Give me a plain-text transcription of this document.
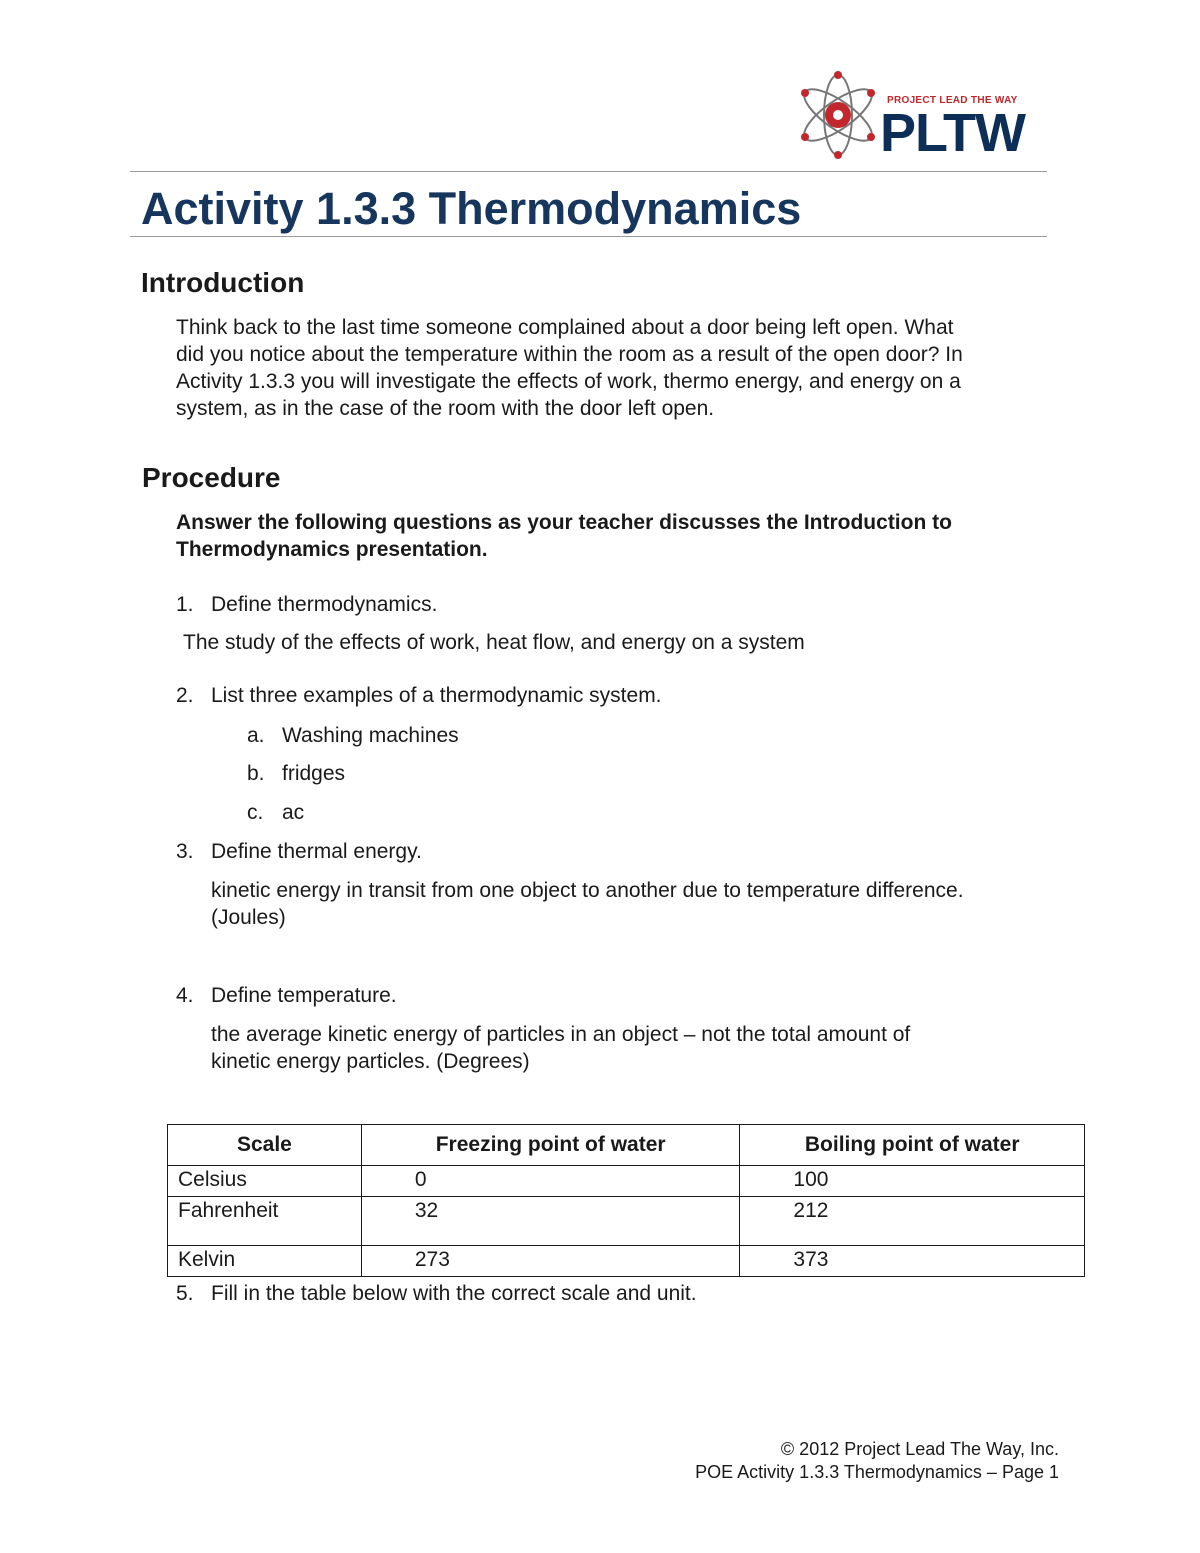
PROJECT LEAD THE WAY
PLTW
Activity 1.3.3 Thermodynamics
Introduction
Think back to the last time someone complained about a door being left open. What
did you notice about the temperature within the room as a result of the open door? In
Activity 1.3.3 you will investigate the effects of work, thermo energy, and energy on a
system, as in the case of the room with the door left open.
Procedure
Answer the following questions as your teacher discusses the Introduction to
Thermodynamics presentation.
1. Define thermodynamics.
The study of the effects of work, heat flow, and energy on a system
2. List three examples of a thermodynamic system.
a. Washing machines
b. fridges
c. ac
3. Define thermal energy.
kinetic energy in transit from one object to another due to temperature difference.
(Joules)
4. Define temperature.
the average kinetic energy of particles in an object – not the total amount of
kinetic energy particles. (Degrees)
Scale	Freezing point of water	Boiling point of water
Celsius	0	100
Fahrenheit	32	212
Kelvin	273	373
5. Fill in the table below with the correct scale and unit.
© 2012 Project Lead The Way, Inc.
POE Activity 1.3.3 Thermodynamics – Page 1
